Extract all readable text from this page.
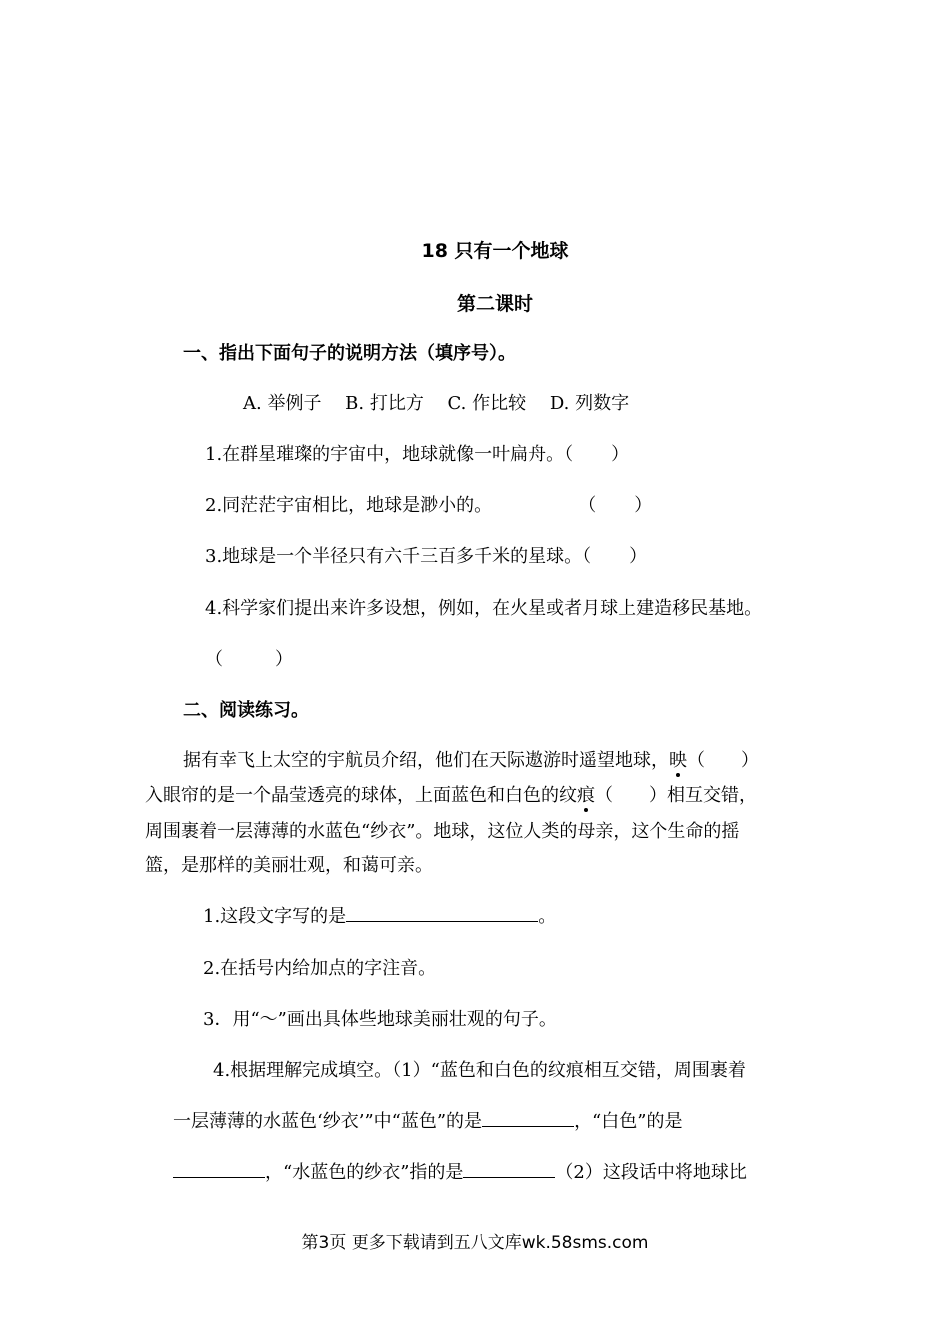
18 只有一个地球
第二课时
一、指出下面句子的说明方法（填序号）。
A. 举例子　 B. 打比方　 C. 作比较　 D. 列数字
1.在群星璀璨的宇宙中，地球就像一叶扁舟。（ ）
2.同茫茫宇宙相比，地球是渺小的。	（ ）
3.地球是一个半径只有六千三百多千米的星球。（ ）
4.科学家们提出来许多设想，例如，在火星或者月球上建造移民基地。
（	）
二、阅读练习。
据有幸飞上太空的宇航员介绍，他们在天际遨游时遥望地球，映（　　）
入眼帘的是一个晶莹透亮的球体，上面蓝色和白色的纹痕（　　）相互交错，
周围裹着一层薄薄的水蓝色“纱衣”。地球，这位人类的母亲，这个生命的摇
篮，是那样的美丽壮观，和蔼可亲。
1.这段文字写的是	。
2.在括号内给加点的字注音。
3．用“～”画出具体些地球美丽壮观的句子。
4.根据理解完成填空。（1）“蓝色和白色的纹痕相互交错，周围裹着
一层薄薄的水蓝色‘纱衣’”中“蓝色”的是	，“白色”的是
，“水蓝色的纱衣”指的是	（2）这段话中将地球比
第3页 更多下载请到五八文库wk.58sms.com
